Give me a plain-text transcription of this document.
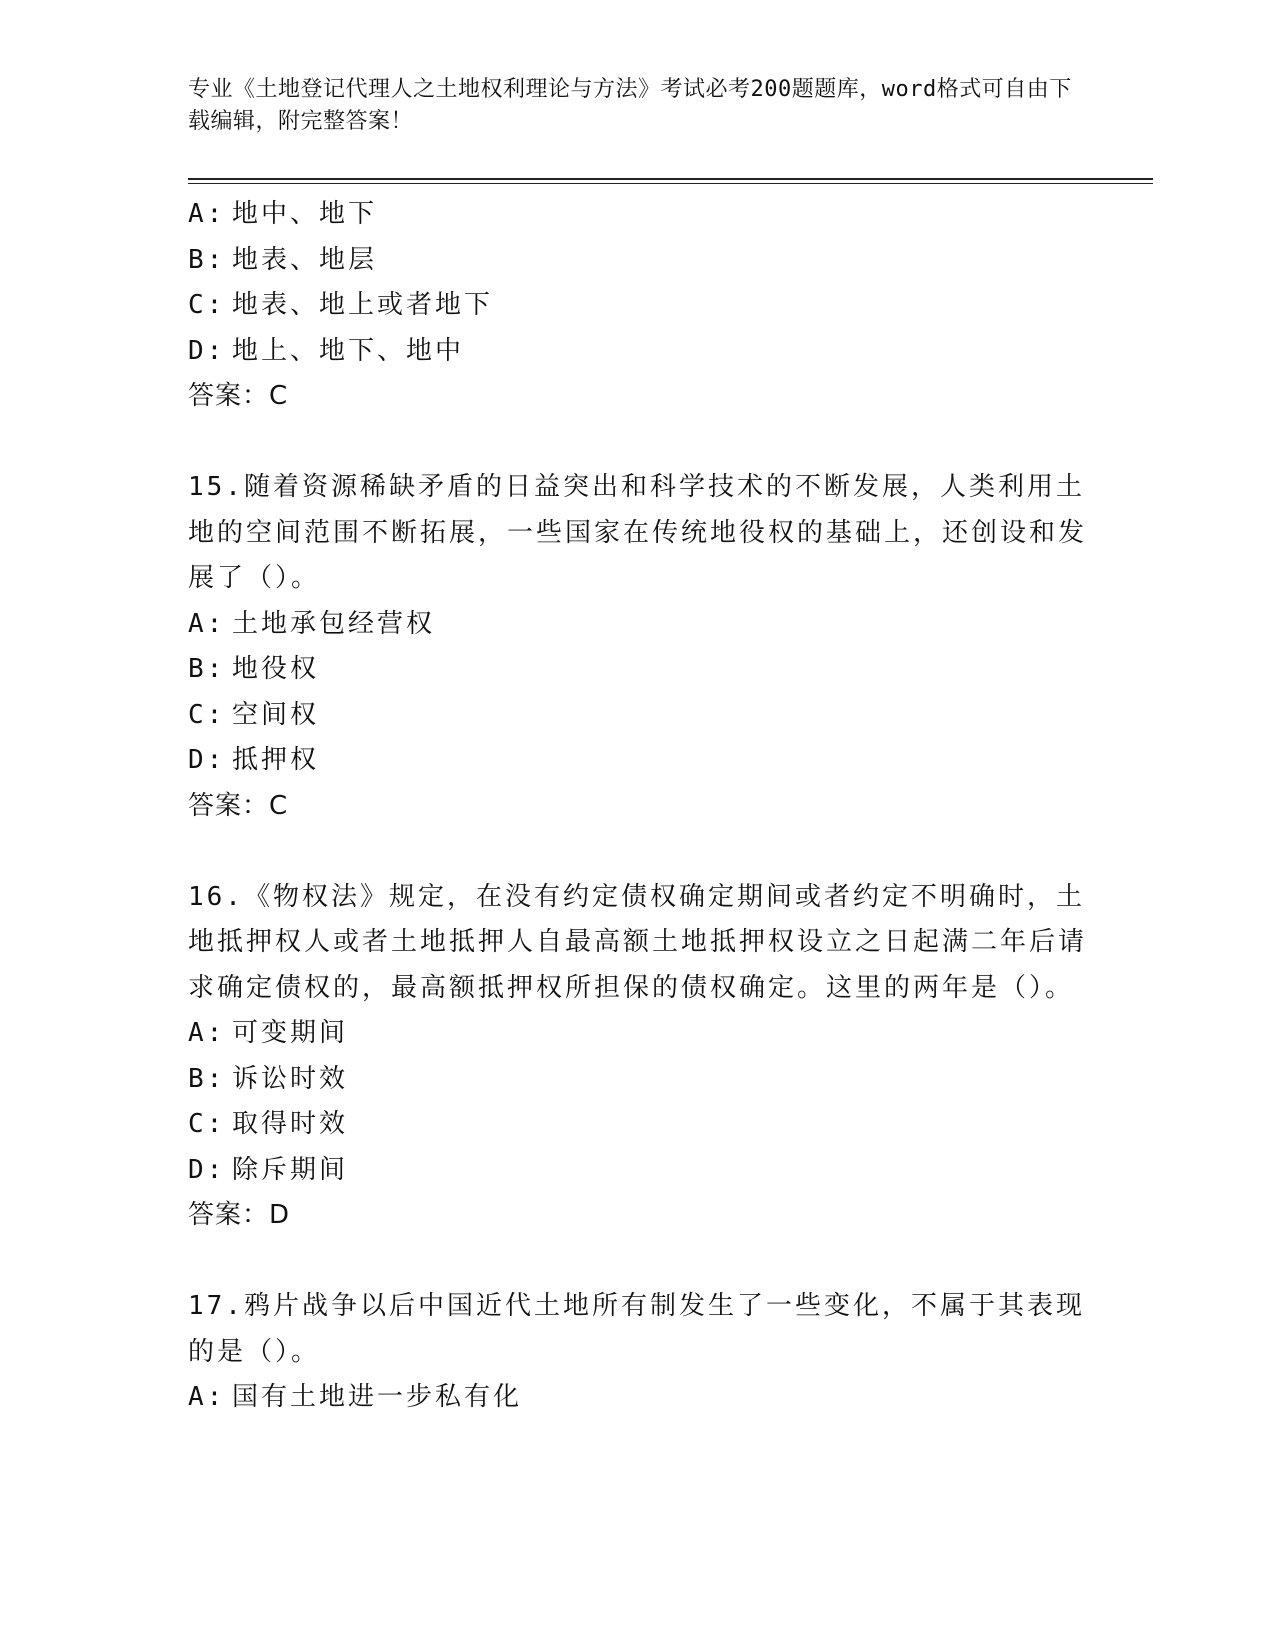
专业《土地登记代理人之土地权利理论与方法》考试必考200题题库，word格式可自由下载编辑，附完整答案！
A: 地中、地下
B: 地表、地层
C: 地表、地上或者地下
D: 地上、地下、地中
答案：C
15.随着资源稀缺矛盾的日益突出和科学技术的不断发展，人类利用土地的空间范围不断拓展，一些国家在传统地役权的基础上，还创设和发展了（）。
A: 土地承包经营权
B: 地役权
C: 空间权
D: 抵押权
答案：C
16.《物权法》规定，在没有约定债权确定期间或者约定不明确时，土地抵押权人或者土地抵押人自最高额土地抵押权设立之日起满二年后请求确定债权的，最高额抵押权所担保的债权确定。这里的两年是（）。
A: 可变期间
B: 诉讼时效
C: 取得时效
D: 除斥期间
答案：D
17.鸦片战争以后中国近代土地所有制发生了一些变化，不属于其表现的是（）。
A: 国有土地进一步私有化
